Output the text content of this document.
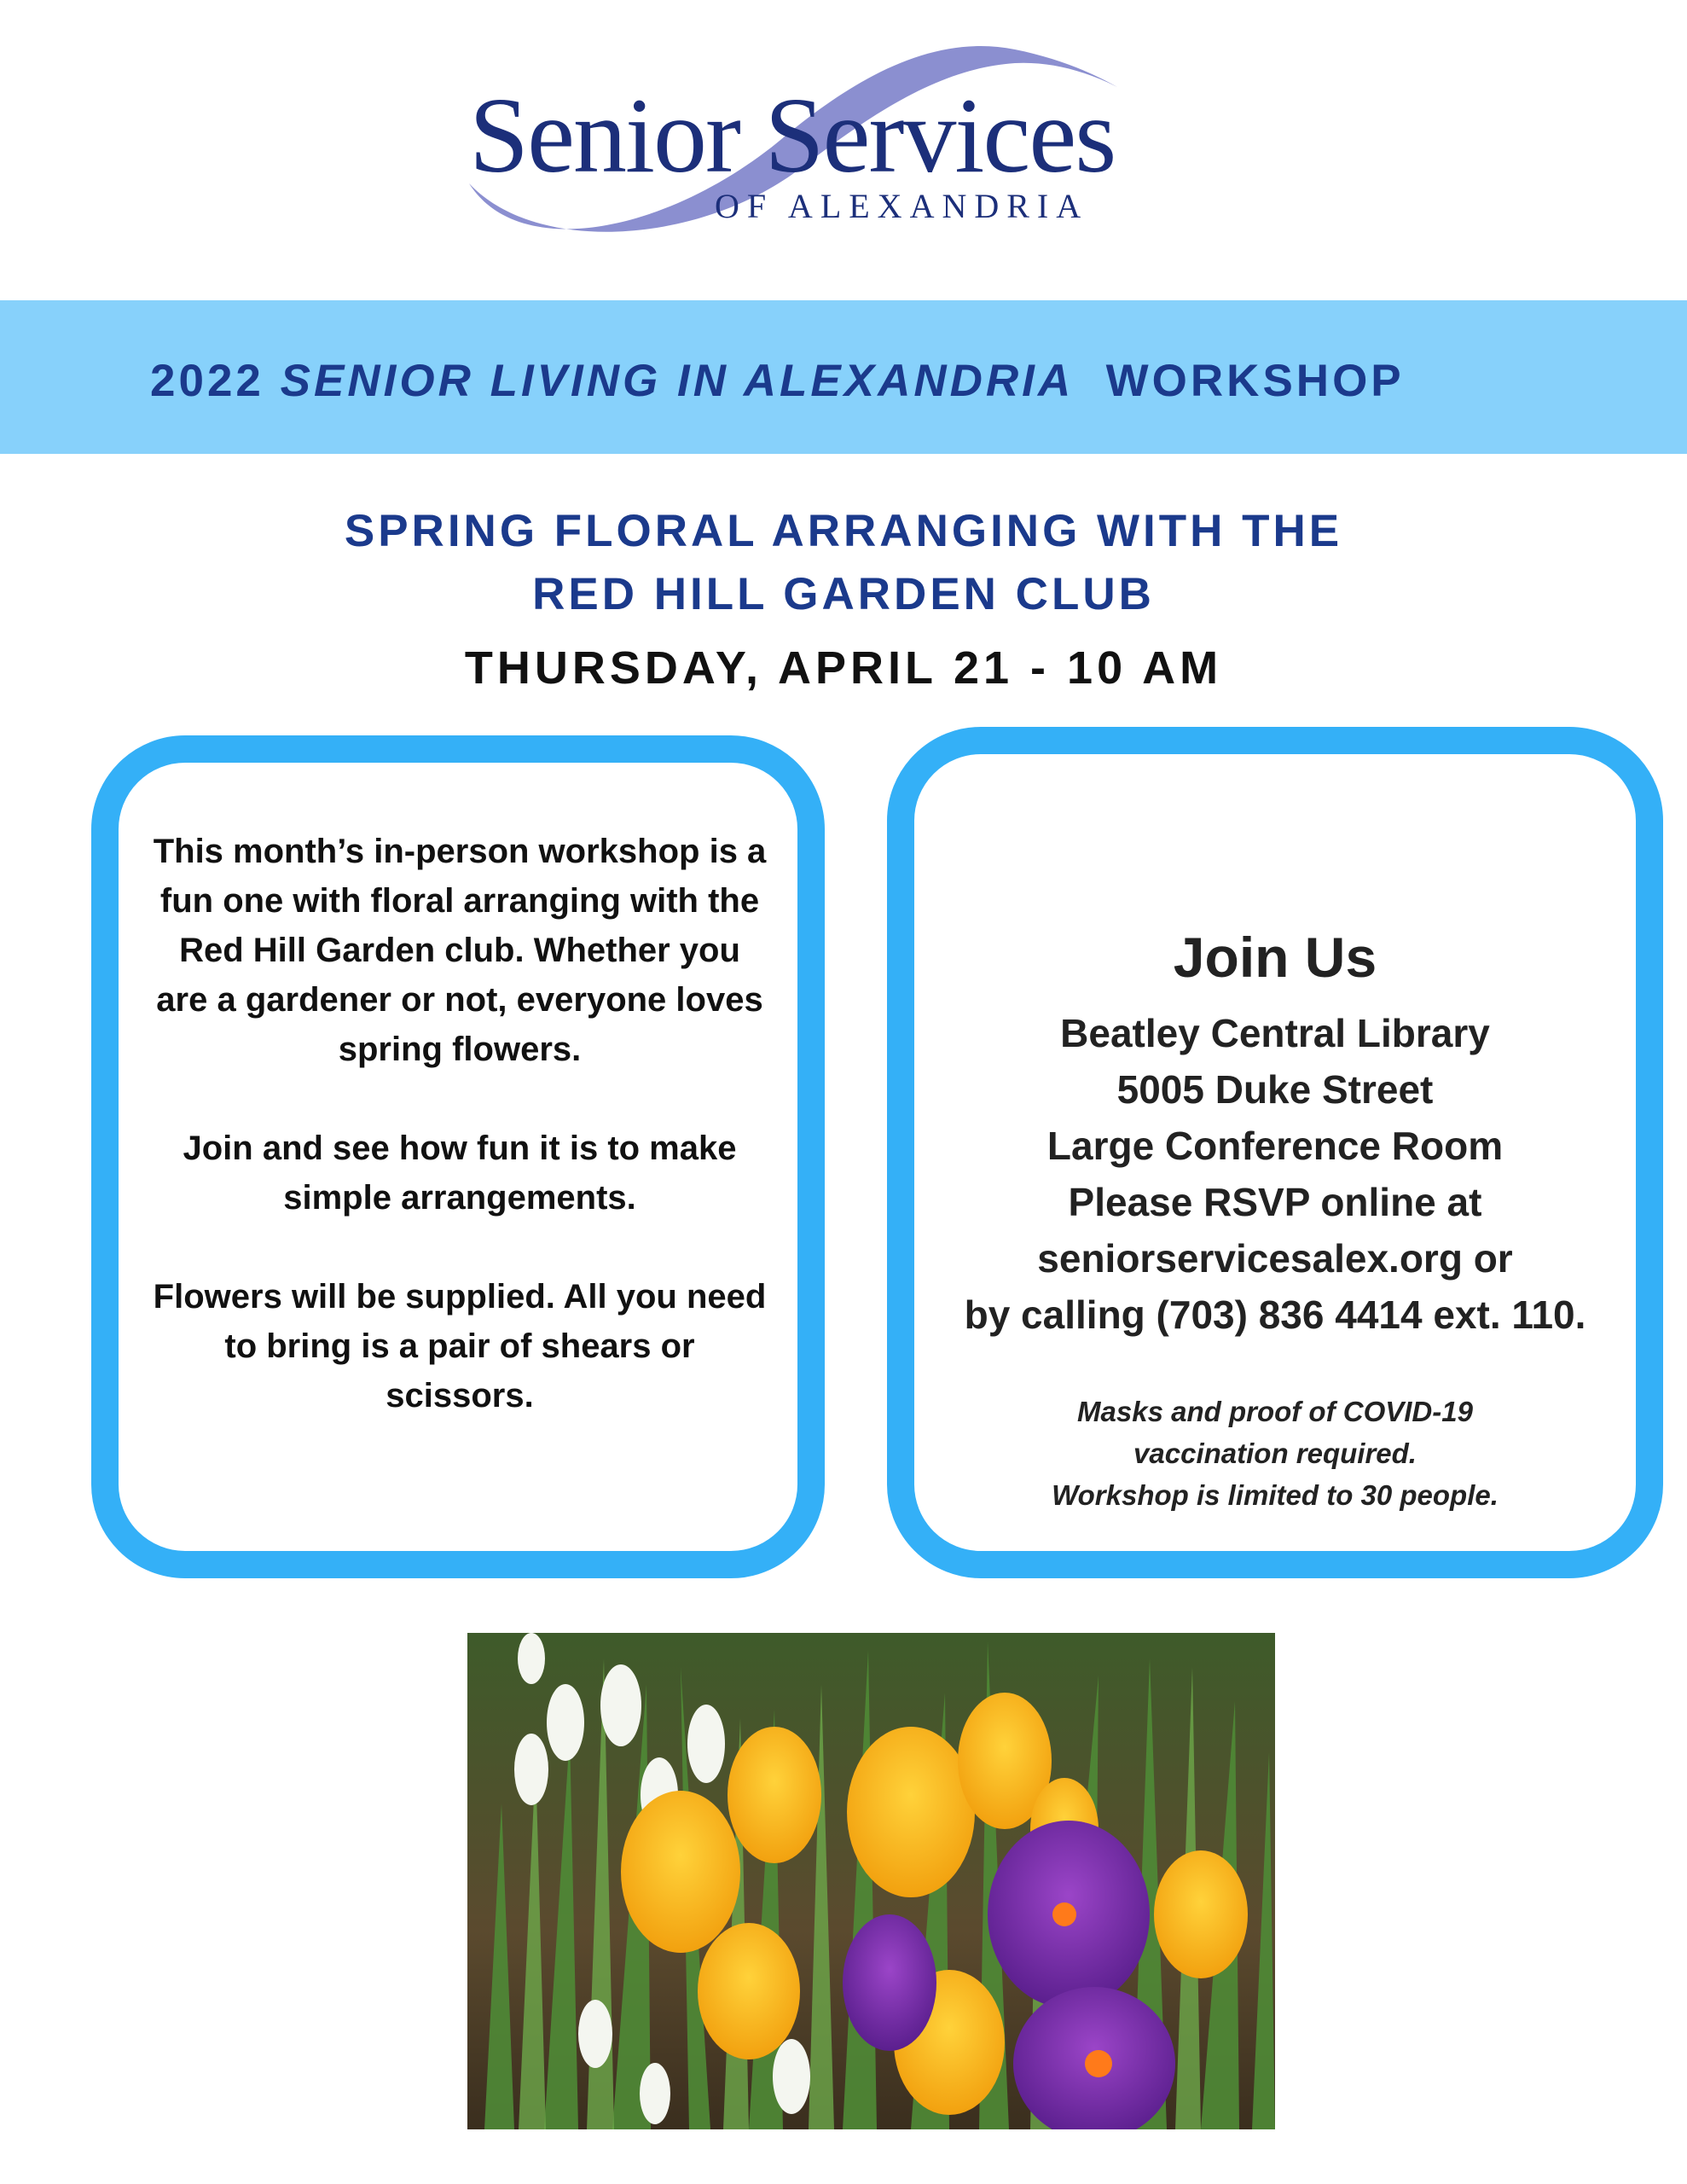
Senior Services
OF ALEXANDRIA
2022 SENIOR LIVING IN ALEXANDRIA WORKSHOP
SPRING FLORAL ARRANGING WITH THE
RED HILL GARDEN CLUB
THURSDAY, APRIL 21 - 10 AM

This month’s in-person workshop is a fun one with floral arranging with the Red Hill Garden club. Whether you are a gardener or not, everyone loves spring flowers.

Join and see how fun it is to make simple arrangements.

Flowers will be supplied. All you need to bring is a pair of shears or scissors.

Join Us

Beatley Central Library

5005 Duke Street

Large Conference Room

Please RSVP online at

seniorservicesalex.org or

by calling (703) 836 4414 ext. 110.

Masks and proof of COVID-19
vaccination required.
Workshop is limited to 30 people.
